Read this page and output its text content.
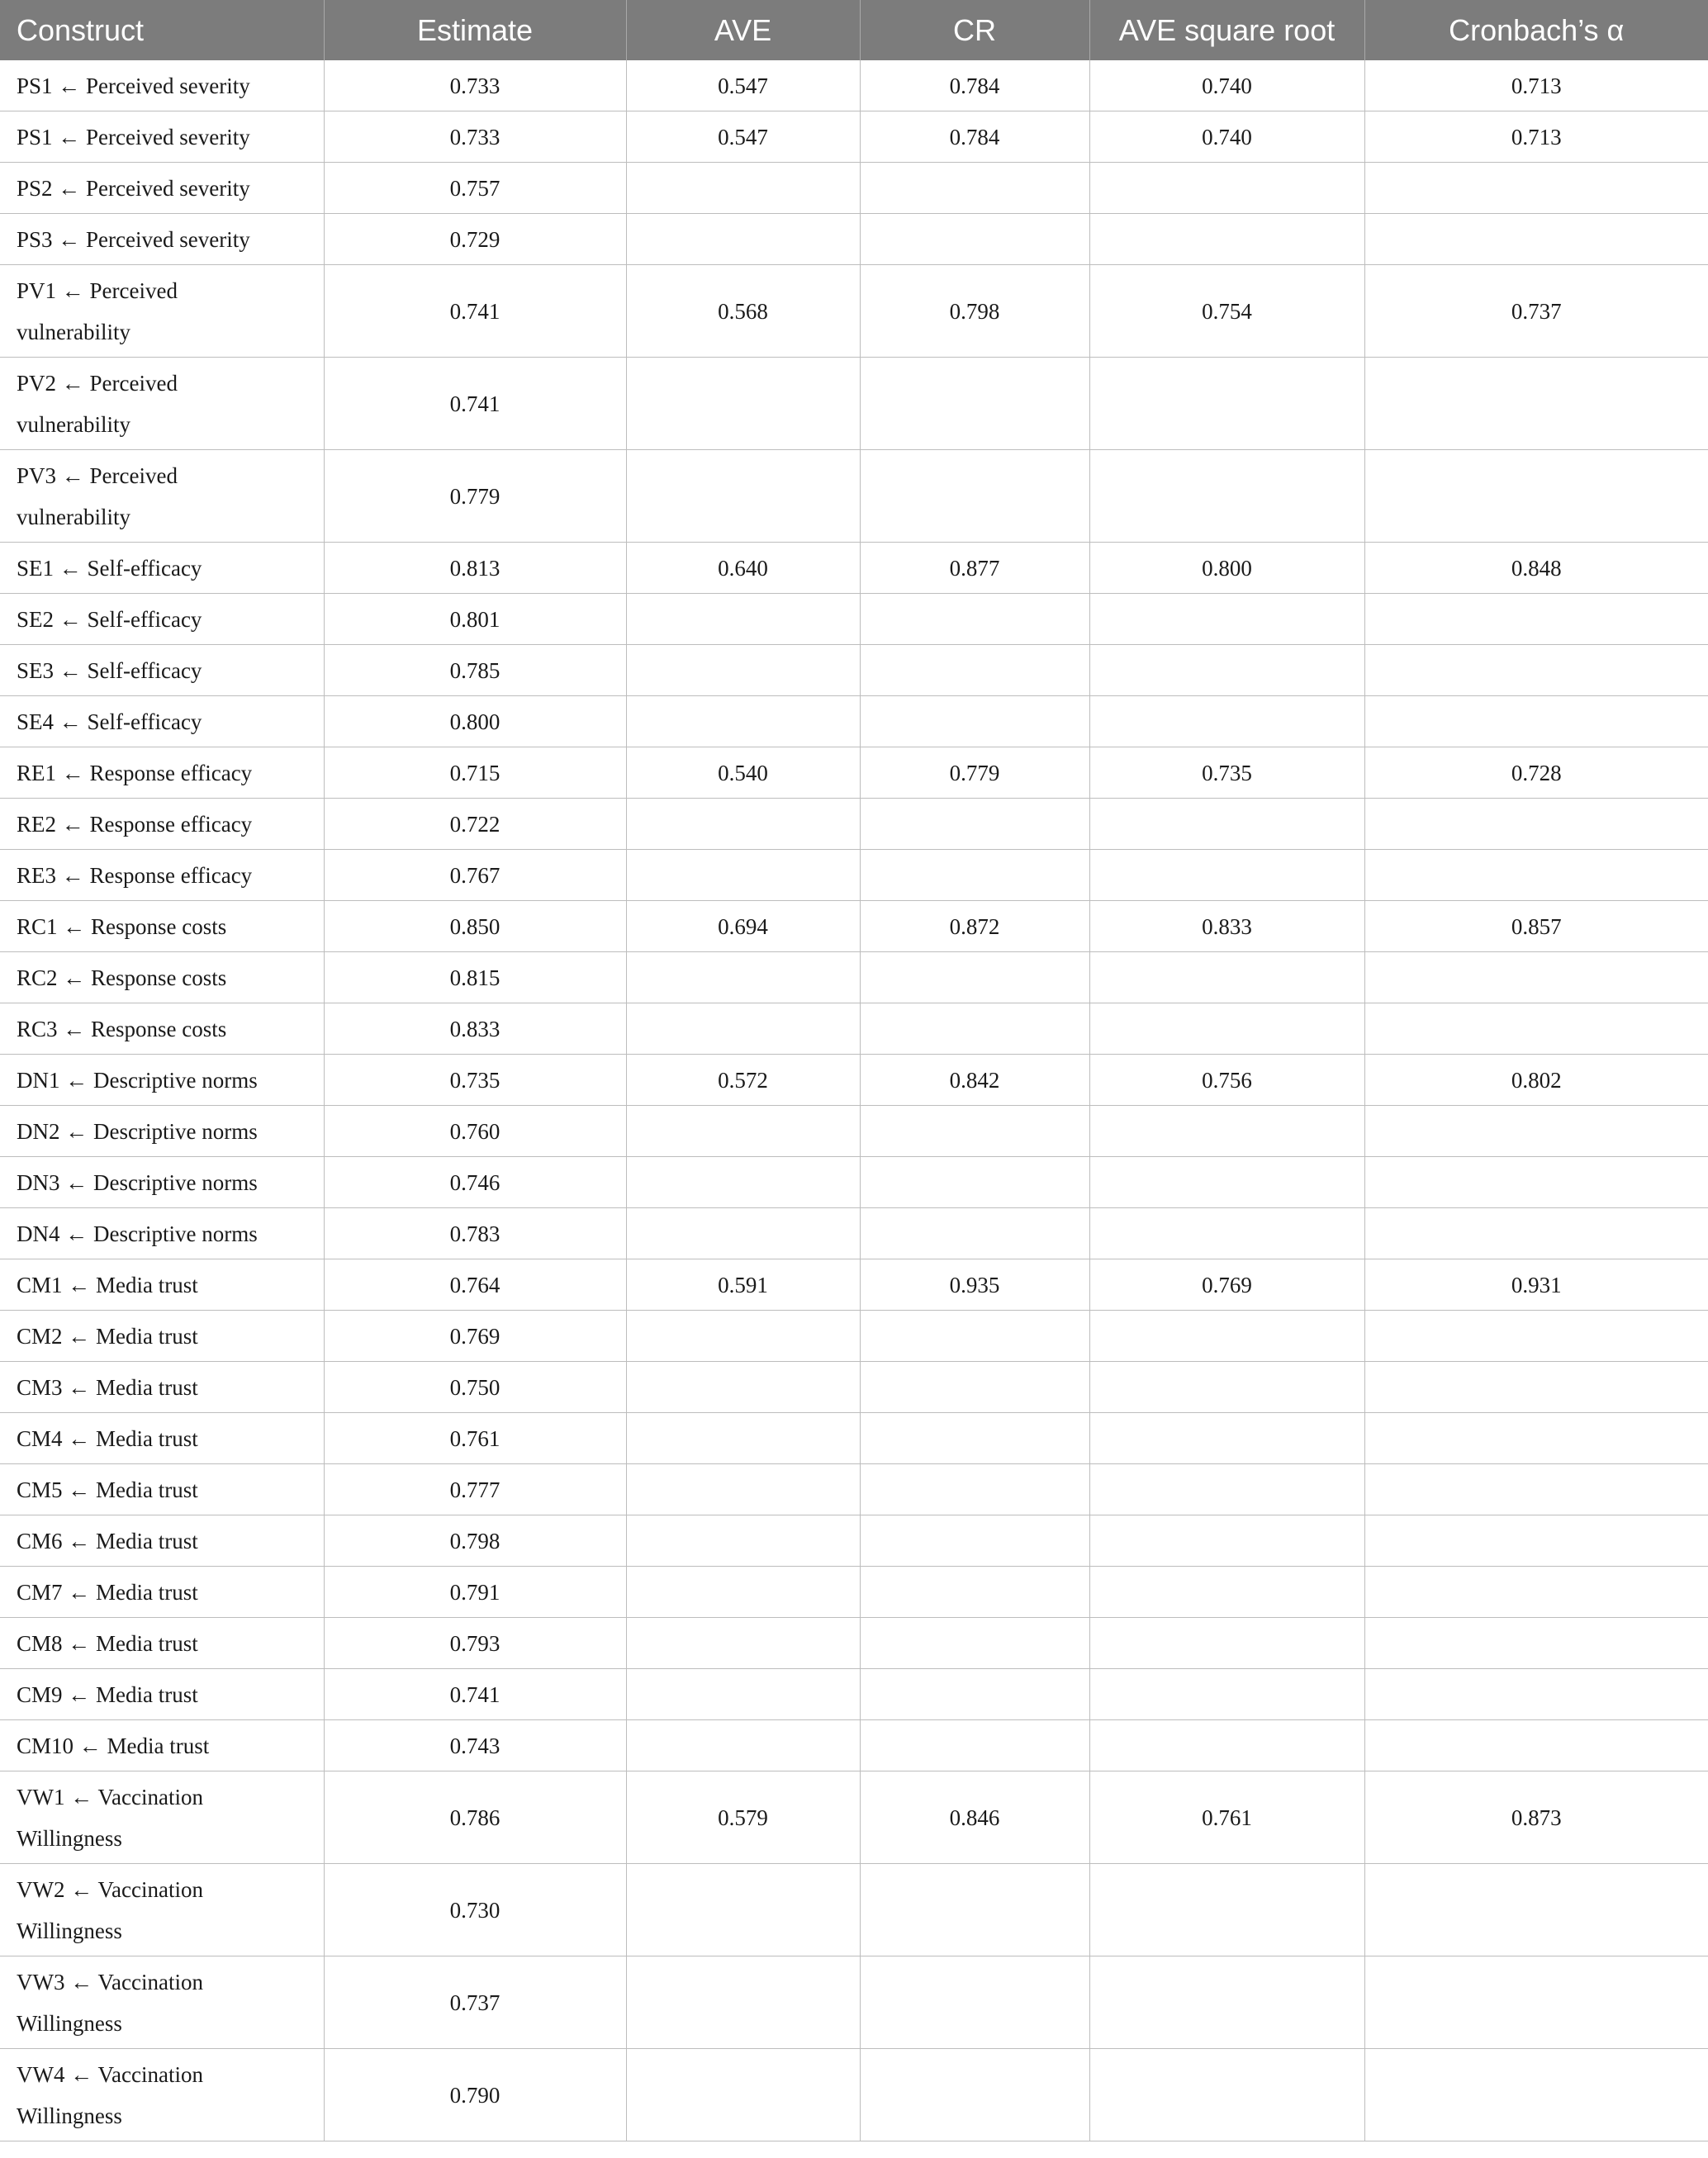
Construct	Estimate	AVE	CR	AVE square root	Cronbach’s α
PS1 ← Perceived severity	0.733	0.547	0.784	0.740	0.713
PS1 ← Perceived severity	0.733	0.547	0.784	0.740	0.713
PS2 ← Perceived severity	0.757				
PS3 ← Perceived severity	0.729				
PV1 ← Perceived
vulnerability	0.741	0.568	0.798	0.754	0.737
PV2 ← Perceived
vulnerability	0.741				
PV3 ← Perceived
vulnerability	0.779				
SE1 ← Self-efficacy	0.813	0.640	0.877	0.800	0.848
SE2 ← Self-efficacy	0.801				
SE3 ← Self-efficacy	0.785				
SE4 ← Self-efficacy	0.800				
RE1 ← Response efficacy	0.715	0.540	0.779	0.735	0.728
RE2 ← Response efficacy	0.722				
RE3 ← Response efficacy	0.767				
RC1 ← Response costs	0.850	0.694	0.872	0.833	0.857
RC2 ← Response costs	0.815				
RC3 ← Response costs	0.833				
DN1 ← Descriptive norms	0.735	0.572	0.842	0.756	0.802
DN2 ← Descriptive norms	0.760				
DN3 ← Descriptive norms	0.746				
DN4 ← Descriptive norms	0.783				
CM1 ← Media trust	0.764	0.591	0.935	0.769	0.931
CM2 ← Media trust	0.769				
CM3 ← Media trust	0.750				
CM4 ← Media trust	0.761				
CM5 ← Media trust	0.777				
CM6 ← Media trust	0.798				
CM7 ← Media trust	0.791				
CM8 ← Media trust	0.793				
CM9 ← Media trust	0.741				
CM10 ← Media trust	0.743				
VW1 ← Vaccination
Willingness	0.786	0.579	0.846	0.761	0.873
VW2 ← Vaccination
Willingness	0.730				
VW3 ← Vaccination
Willingness	0.737				
VW4 ← Vaccination
Willingness	0.790				
